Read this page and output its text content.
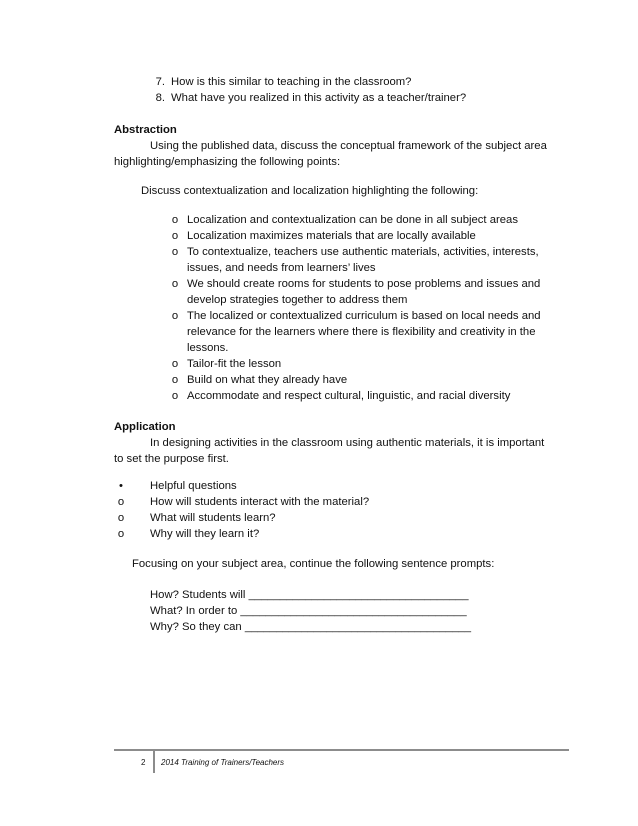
7. How is this similar to teaching in the classroom?
8. What have you realized in this activity as a teacher/trainer?
Abstraction
Using the published data, discuss the conceptual framework of the subject area
highlighting/emphasizing the following points:
Discuss contextualization and localization highlighting the following:
o Localization and contextualization can be done in all subject areas
o Localization maximizes materials that are locally available
o To contextualize, teachers use authentic materials, activities, interests,
issues, and needs from learners’ lives
o We should create rooms for students to pose problems and issues and
develop strategies together to address them
o The localized or contextualized curriculum is based on local needs and
relevance for the learners where there is flexibility and creativity in the
lessons.
o Tailor-fit the lesson
o Build on what they already have
o Accommodate and respect cultural, linguistic, and racial diversity
Application
In designing activities in the classroom using authentic materials, it is important
to set the purpose first.
•	Helpful questions
o	How will students interact with the material?
o	What will students learn?
o	Why will they learn it?
Focusing on your subject area, continue the following sentence prompts:
How? Students will ___________________________________
What? In order to ____________________________________
Why? So they can ____________________________________
2 2014 Training of Trainers/Teachers
